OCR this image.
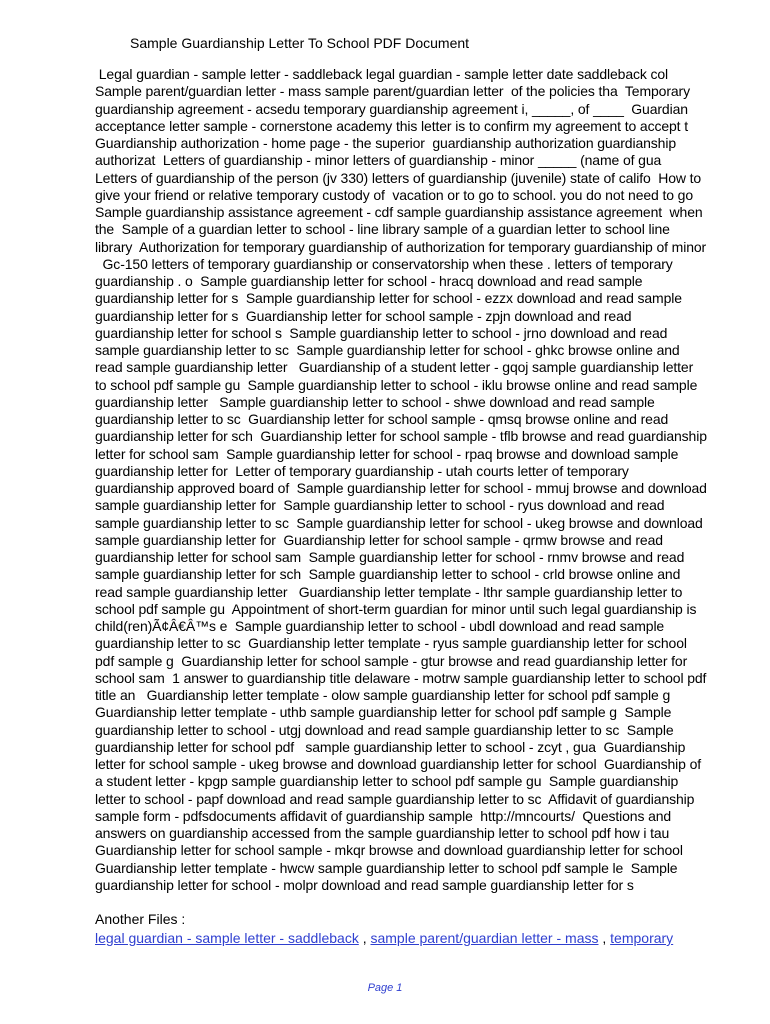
Sample Guardianship Letter To School PDF Document
Legal guardian - sample letter - saddleback legal guardian - sample letter date saddleback col
Sample parent/guardian letter - mass sample parent/guardian letter  of the policies tha  Temporary
guardianship agreement - acsedu temporary guardianship agreement i, _____, of ____  Guardian
acceptance letter sample - cornerstone academy this letter is to confirm my agreement to accept t
Guardianship authorization - home page - the superior  guardianship authorization guardianship
authorizat  Letters of guardianship - minor letters of guardianship - minor _____ (name of gua
Letters of guardianship of the person (jv 330) letters of guardianship (juvenile) state of califo  How to
give your friend or relative temporary custody of  vacation or to go to school. you do not need to go
Sample guardianship assistance agreement - cdf sample guardianship assistance agreement  when
the  Sample of a guardian letter to school - line library sample of a guardian letter to school line
library  Authorization for temporary guardianship of authorization for temporary guardianship of minor
Gc-150 letters of temporary guardianship or conservatorship when these . letters of temporary
guardianship . o  Sample guardianship letter for school - hracq download and read sample
guardianship letter for s  Sample guardianship letter for school - ezzx download and read sample
guardianship letter for s  Guardianship letter for school sample - zpjn download and read
guardianship letter for school s  Sample guardianship letter to school - jrno download and read
sample guardianship letter to sc  Sample guardianship letter for school - ghkc browse online and
read sample guardianship letter   Guardianship of a student letter - gqoj sample guardianship letter
to school pdf sample gu  Sample guardianship letter to school - iklu browse online and read sample
guardianship letter   Sample guardianship letter to school - shwe download and read sample
guardianship letter to sc  Guardianship letter for school sample - qmsq browse online and read
guardianship letter for sch  Guardianship letter for school sample - tflb browse and read guardianship
letter for school sam  Sample guardianship letter for school - rpaq browse and download sample
guardianship letter for  Letter of temporary guardianship - utah courts letter of temporary
guardianship approved board of  Sample guardianship letter for school - mmuj browse and download
sample guardianship letter for  Sample guardianship letter to school - ryus download and read
sample guardianship letter to sc  Sample guardianship letter for school - ukeg browse and download
sample guardianship letter for  Guardianship letter for school sample - qrmw browse and read
guardianship letter for school sam  Sample guardianship letter for school - rnmv browse and read
sample guardianship letter for sch  Sample guardianship letter to school - crld browse online and
read sample guardianship letter   Guardianship letter template - lthr sample guardianship letter to
school pdf sample gu  Appointment of short-term guardian for minor until such legal guardianship is
child(ren)Ã¢Â€Â™s e  Sample guardianship letter to school - ubdl download and read sample
guardianship letter to sc  Guardianship letter template - ryus sample guardianship letter for school
pdf sample g  Guardianship letter for school sample - gtur browse and read guardianship letter for
school sam  1 answer to guardianship title delaware - motrw sample guardianship letter to school pdf
title an   Guardianship letter template - olow sample guardianship letter for school pdf sample g
Guardianship letter template - uthb sample guardianship letter for school pdf sample g  Sample
guardianship letter to school - utgj download and read sample guardianship letter to sc  Sample
guardianship letter for school pdf   sample guardianship letter to school - zcyt , gua  Guardianship
letter for school sample - ukeg browse and download guardianship letter for school  Guardianship of
a student letter - kpgp sample guardianship letter to school pdf sample gu  Sample guardianship
letter to school - papf download and read sample guardianship letter to sc  Affidavit of guardianship
sample form - pdfsdocuments affidavit of guardianship sample  http://mncourts/  Questions and
answers on guardianship accessed from the sample guardianship letter to school pdf how i tau
Guardianship letter for school sample - mkqr browse and download guardianship letter for school
Guardianship letter template - hwcw sample guardianship letter to school pdf sample le  Sample
guardianship letter for school - molpr download and read sample guardianship letter for s
Another Files :
legal guardian - sample letter - saddleback , sample parent/guardian letter - mass , temporary
Page 1
